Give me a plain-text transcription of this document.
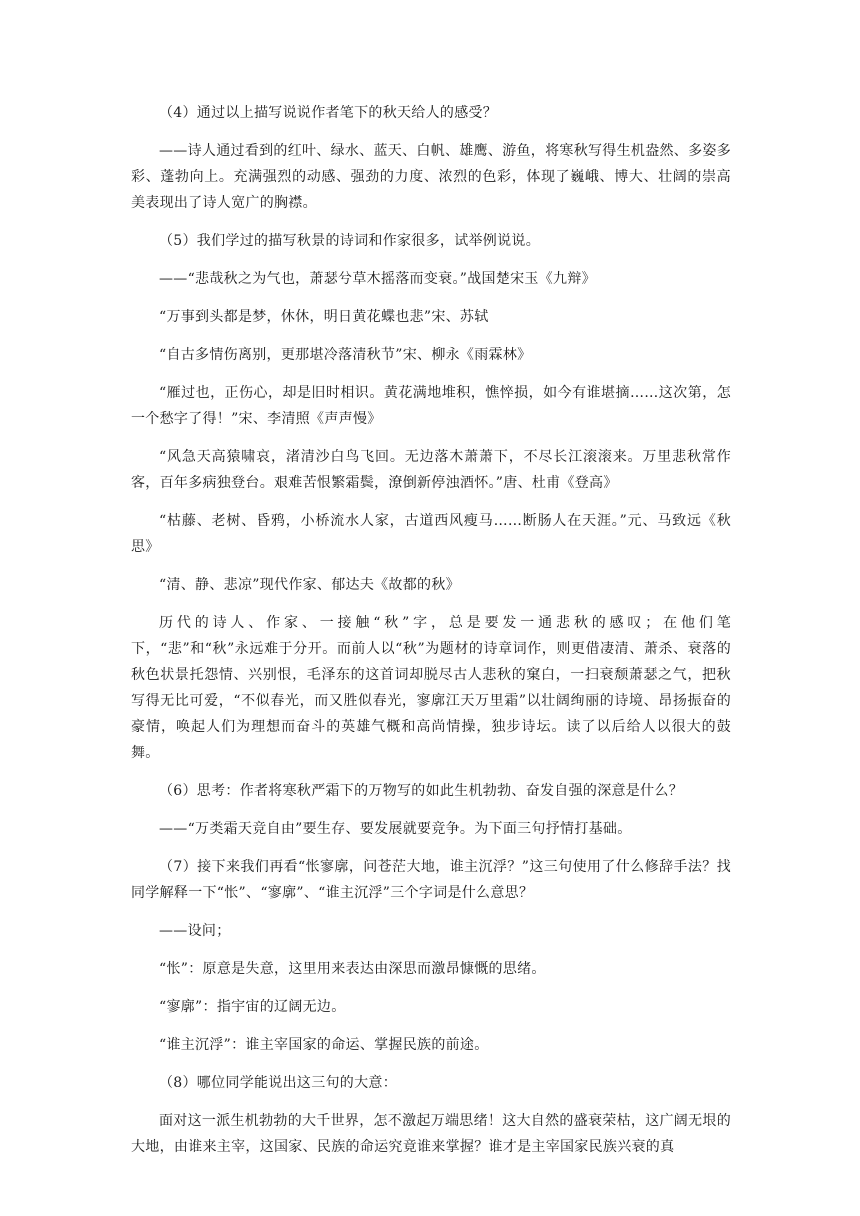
（4）通过以上描写说说作者笔下的秋天给人的感受？

——诗人通过看到的红叶、绿水、蓝天、白帆、雄鹰、游鱼，将寒秋写得生机盎然、多姿多彩、蓬勃向上。充满强烈的动感、强劲的力度、浓烈的色彩，体现了巍峨、博大、壮阔的崇高美表现出了诗人宽广的胸襟。

（5）我们学过的描写秋景的诗词和作家很多，试举例说说。

——“悲哉秋之为气也，萧瑟兮草木摇落而变衰。”战国楚宋玉《九辩》

“万事到头都是梦，休休，明日黄花蝶也悲”宋、苏轼

“自古多情伤离别，更那堪冷落清秋节”宋、柳永《雨霖林》

“雁过也，正伤心，却是旧时相识。黄花满地堆积，憔悴损，如今有谁堪摘……这次第，怎一个愁字了得！”宋、李清照《声声慢》

“风急天高猿啸哀，渚清沙白鸟飞回。无边落木萧萧下，不尽长江滚滚来。万里悲秋常作客，百年多病独登台。艰难苦恨繁霜鬓，潦倒新停浊酒怀。”唐、杜甫《登高》

“枯藤、老树、昏鸦，小桥流水人家，古道西风瘦马……断肠人在天涯。”元、马致远《秋思》

“清、静、悲凉”现代作家、郁达夫《故都的秋》

历代的诗人、作家、一接触“秋”字，总是要发一通悲秋的感叹；在他们笔下，“悲”和“秋”永远难于分开。而前人以“秋”为题材的诗章词作，则更借凄清、萧杀、衰落的秋色状景托怨情、兴别恨，毛泽东的这首词却脱尽古人悲秋的窠白，一扫衰颓萧瑟之气，把秋写得无比可爱，“不似春光，而又胜似春光，寥廓江天万里霜”以壮阔绚丽的诗境、昂扬振奋的豪情，唤起人们为理想而奋斗的英雄气概和高尚情操，独步诗坛。读了以后给人以很大的鼓舞。

（6）思考：作者将寒秋严霜下的万物写的如此生机勃勃、奋发自强的深意是什么？

——“万类霜天竞自由”要生存、要发展就要竞争。为下面三句抒情打基础。

（7）接下来我们再看“怅寥廓，问苍茫大地，谁主沉浮？”这三句使用了什么修辞手法？找同学解释一下“怅”、“寥廓”、“谁主沉浮”三个字词是什么意思？

——设问；

“怅”：原意是失意，这里用来表达由深思而激昂慷慨的思绪。

“寥廓”：指宇宙的辽阔无边。

“谁主沉浮”：谁主宰国家的命运、掌握民族的前途。

（8）哪位同学能说出这三句的大意：

面对这一派生机勃勃的大千世界，怎不激起万端思绪！这大自然的盛衰荣枯，这广阔无垠的大地，由谁来主宰，这国家、民族的命运究竟谁来掌握？谁才是主宰国家民族兴衰的真
